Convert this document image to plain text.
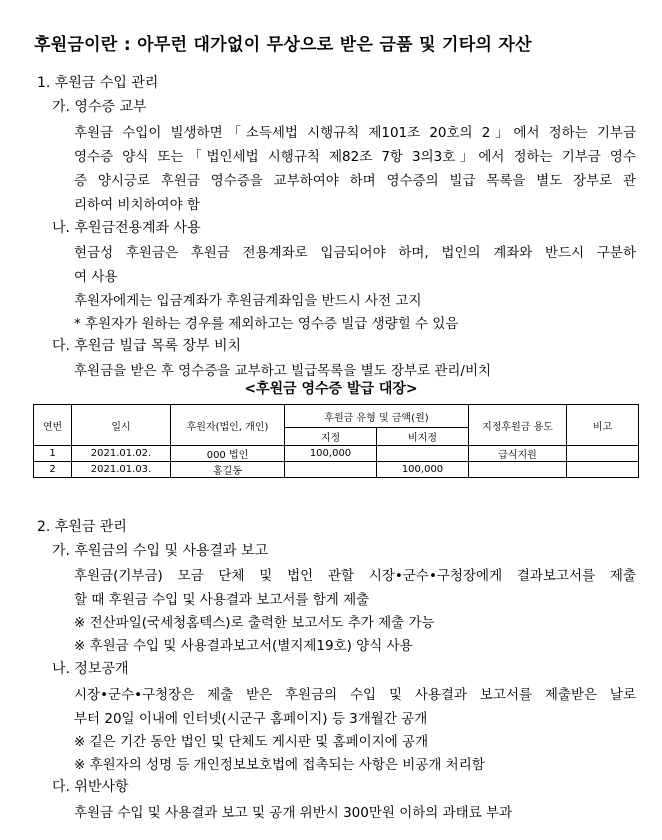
후원금이란 : 아무런 대가없이 무상으로 받은 금품 및 기타의 자산
1. 후원금 수입 관리
가. 영수증 교부
후원금 수입이 빌생하면「소득세법 시행규칙 제101조 20호의 2」에서 정하는 기부금
영수증 양식 또는「법인세법 시행규칙 제82조 7항 3의3호」에서 정하는 기부금 영수
증 양시긍로 후원금 영수증을 교부하여야 하며 영수증의 빌급 목록을 별도 장부로 관
리하여 비치하여야 함
나. 후원금전용계좌 사용
현금성 후원금은 후원금 전용계좌로 입금되어야 하며, 법인의 계좌와 반드시 구분하
여 사용
후원자에게는 입금계좌가 후원금계좌임을 반드시 사전 고지
* 후원자가 원하는 경우를 제외하고는 영수증 빌급 생량힐 수 있음
다. 후원금 빌급 목록 장부 비치
후원금을 받은 후 영수증을 교부하고 빌급목록을 별도 장부로 관리/비치
<후원금 영수증 발급 대장>
연번	일시	후원자(법인, 개인)	후원금 유형 및 금액(원)		지정후원금 용도	비고
			지정	비지정		
1	2021.01.02.	000 법인	100,000		급식지원	
2	2021.01.03.	홍길동		100,000		
2. 후원금 관리
가. 후원금의 수입 및 사용결과 보고
후원금(기부금) 모금 단체 및 법인 관할 시장•군수•구청장에게 결과보고서를 제출
할 때 후원금 수입 및 사용결과 보고서를 함게 제출
※ 전산파일(국세청홈텍스)로 출력한 보고서도 추가 제출 가능
※ 후원금 수입 및 사용결과보고서(별지제19호) 양식 사용
나. 정보공개
시장•군수•구청장은 제출 받은 후원금의 수입 및 사용결과 보고서를 제출받은 날로
부터 20일 이내에 인터넷(시군구 홈페이지) 등 3개월간 공개
※ 깉은 기간 동안 법인 및 단체도 게시판 및 홈페이지에 공개
※ 후원자의 성명 등 개인정보보호법에 접촉되는 사항은 비공개 처리함
다. 위반사항
후원금 수입 및 사용결과 보고 및 공개 위반시 300만원 이하의 과태료 부과
